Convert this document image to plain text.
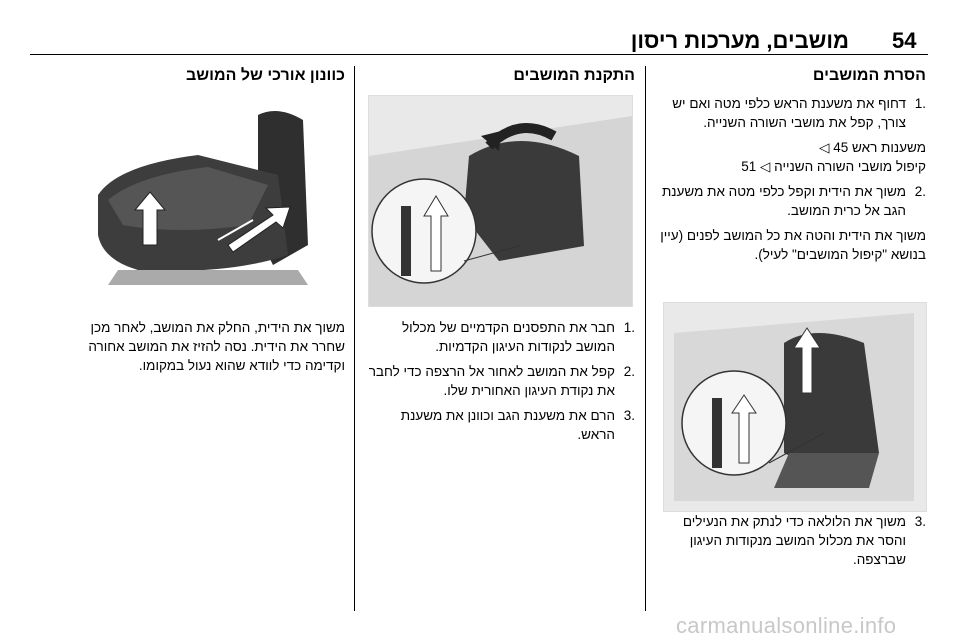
54
מושבים, מערכות ריסון
הסרת המושבים
1.
דחוף את משענת הראש כלפי מטה ואם יש צורך, קפל את מושבי השורה השנייה.
משענות ראש 45 ◁
קיפול מושבי השורה השנייה ◁ 51
2.
משוך את הידית וקפל כלפי מטה את משענת הגב אל כרית המושב.

משוך את הידית והטה את כל המושב לפנים (עיין בנושא "קיפול המושבים" לעיל).

3.
משוך את הלולאה כדי לנתק את הנעילים והסר את מכלול המושב מנקודות העיגון שברצפה.
התקנת המושבים
1.
חבר את התפסנים הקדמיים של מכלול המושב לנקודות העיגון הקדמיות.
2.
קפל את המושב לאחור אל הרצפה כדי לחבר את נקודת העיגון האחורית שלו.
3.
הרם את משענת הגב וכוונן את משענת הראש.
כוונון אורכי של המושב

משוך את הידית, החלק את המושב, לאחר מכן שחרר את הידית. נסה להזיז את המושב אחורה וקדימה כדי לוודא שהוא נעול במקומו.

carmanualsonline.info
